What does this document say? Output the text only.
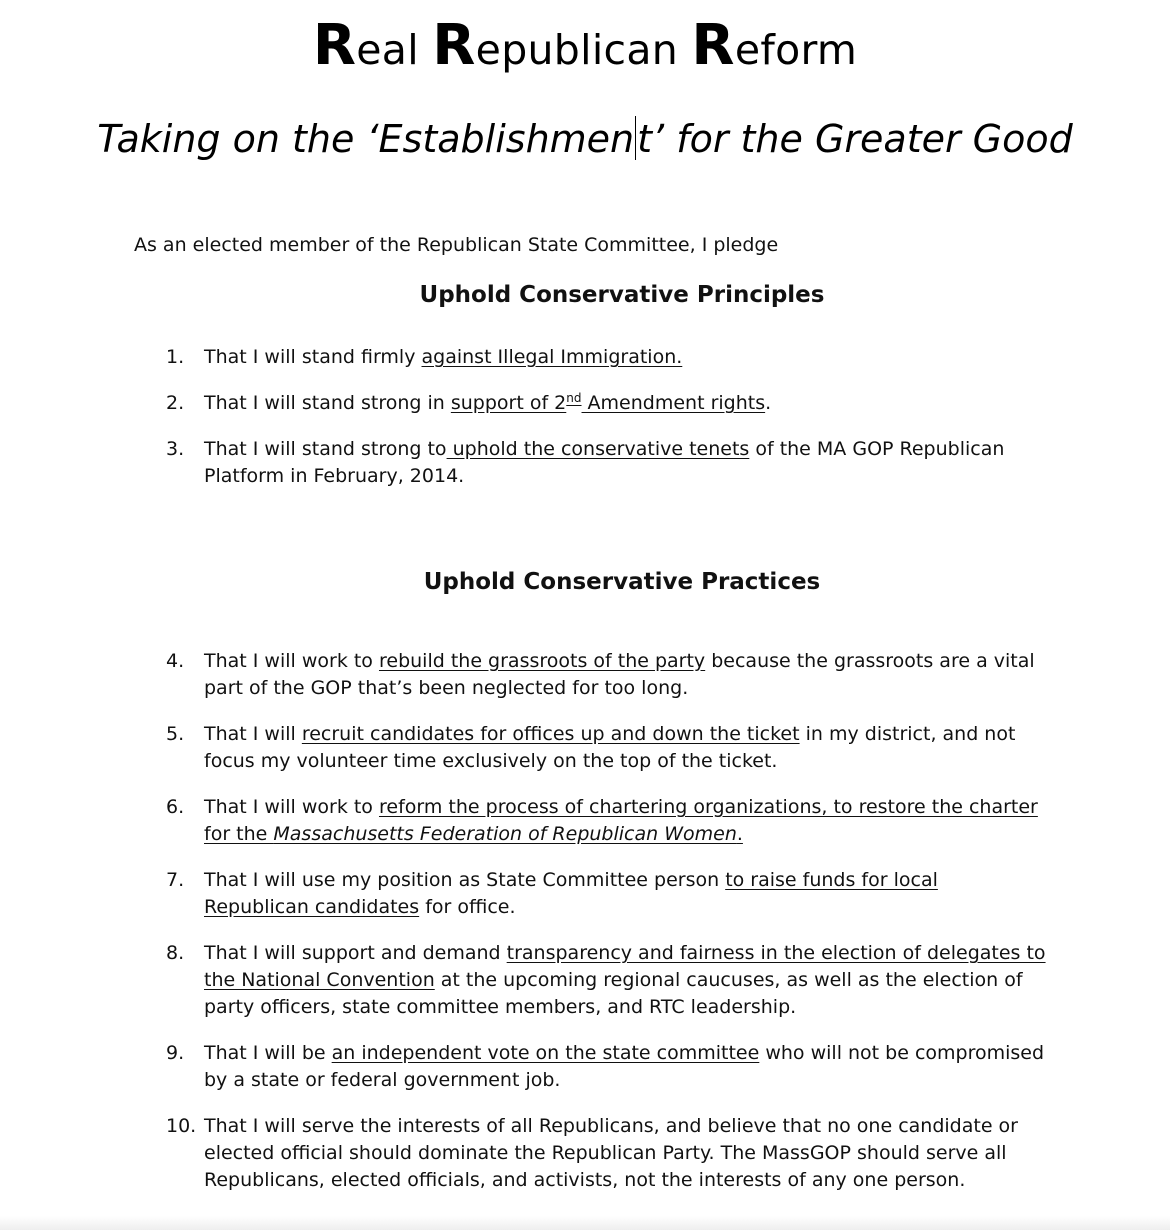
Real Republican Reform
Taking on the ‘Establishment’ for the Greater Good
As an elected member of the Republican State Committee, I pledge
Uphold Conservative Principles
1.	That I will stand firmly against Illegal Immigration.
2.	That I will stand strong in support of 2nd Amendment rights.
3.	That I will stand strong to uphold the conservative tenets of the MA GOP Republican Platform in February, 2014.
Uphold Conservative Practices
4.	That I will work to rebuild the grassroots of the party because the grassroots are a vital part of the GOP that’s been neglected for too long.
5.	That I will recruit candidates for offices up and down the ticket in my district, and not focus my volunteer time exclusively on the top of the ticket.
6.	That I will work to reform the process of chartering organizations, to restore the charter for the Massachusetts Federation of Republican Women.
7.	That I will use my position as State Committee person to raise funds for local Republican candidates for office.
8.	That I will support and demand transparency and fairness in the election of delegates to the National Convention at the upcoming regional caucuses, as well as the election of party officers, state committee members, and RTC leadership.
9.	That I will be an independent vote on the state committee who will not be compromised by a state or federal government job.
10. That I will serve the interests of all Republicans, and believe that no one candidate or elected official should dominate the Republican Party. The MassGOP should serve all Republicans, elected officials, and activists, not the interests of any one person.
